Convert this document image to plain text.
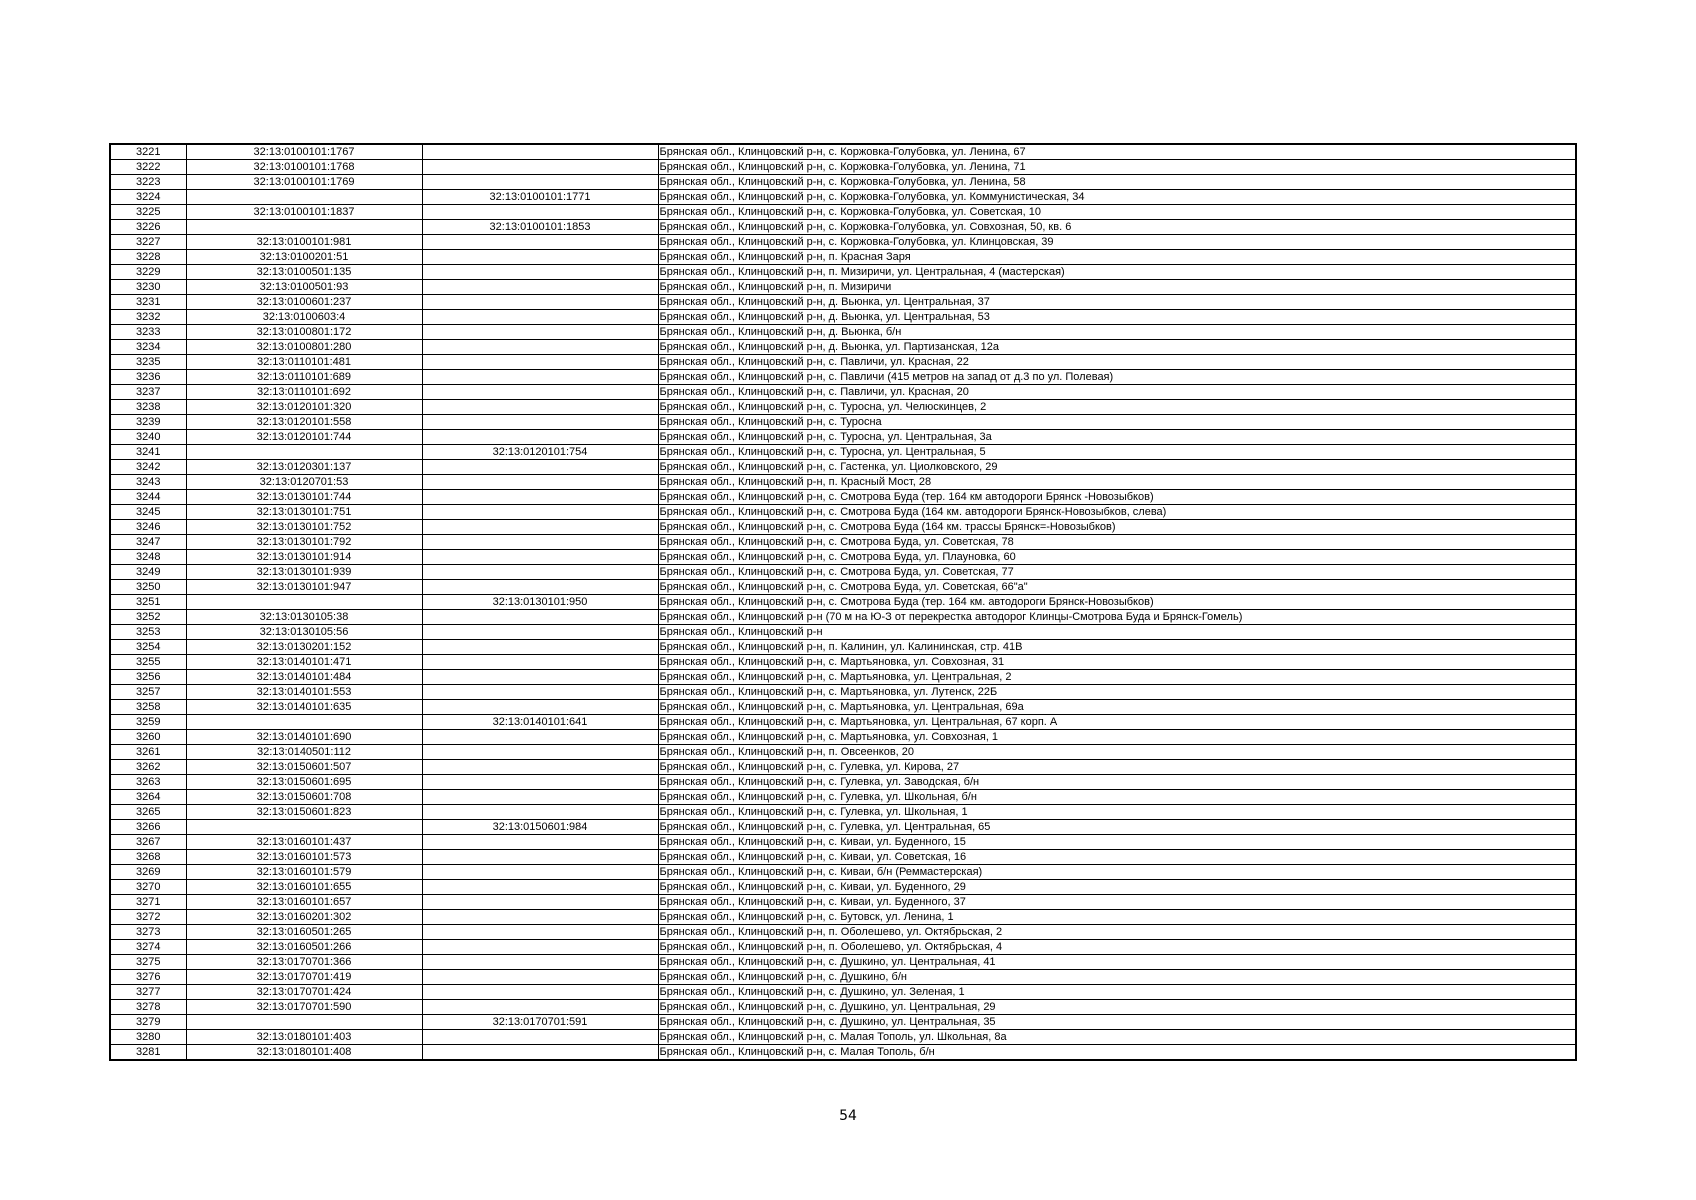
3221	32:13:0100101:1767		Брянская обл., Клинцовский р-н, с. Коржовка-Голубовка, ул. Ленина, 67
3222	32:13:0100101:1768		Брянская обл., Клинцовский р-н, с. Коржовка-Голубовка, ул. Ленина, 71
3223	32:13:0100101:1769		Брянская обл., Клинцовский р-н, с. Коржовка-Голубовка, ул. Ленина, 58
3224		32:13:0100101:1771	Брянская обл., Клинцовский р-н, с. Коржовка-Голубовка, ул. Коммунистическая, 34
3225	32:13:0100101:1837		Брянская обл., Клинцовский р-н, с. Коржовка-Голубовка, ул. Советская, 10
3226		32:13:0100101:1853	Брянская обл., Клинцовский р-н, с. Коржовка-Голубовка, ул. Совхозная, 50, кв. 6
3227	32:13:0100101:981		Брянская обл., Клинцовский р-н, с. Коржовка-Голубовка, ул. Клинцовская, 39
3228	32:13:0100201:51		Брянская обл., Клинцовский р-н, п. Красная Заря
3229	32:13:0100501:135		Брянская обл., Клинцовский р-н, п. Мизиричи, ул. Центральная, 4 (мастерская)
3230	32:13:0100501:93		Брянская обл., Клинцовский р-н, п. Мизиричи
3231	32:13:0100601:237		Брянская обл., Клинцовский р-н, д. Вьюнка, ул. Центральная, 37
3232	32:13:0100603:4		Брянская обл., Клинцовский р-н, д. Вьюнка, ул. Центральная, 53
3233	32:13:0100801:172		Брянская обл., Клинцовский р-н, д. Вьюнка, б/н
3234	32:13:0100801:280		Брянская обл., Клинцовский р-н, д. Вьюнка, ул. Партизанская, 12а
3235	32:13:0110101:481		Брянская обл., Клинцовский р-н, с. Павличи, ул. Красная, 22
3236	32:13:0110101:689		Брянская обл., Клинцовский р-н, с. Павличи (415 метров на запад от д.3 по ул. Полевая)
3237	32:13:0110101:692		Брянская обл., Клинцовский р-н, с. Павличи, ул. Красная, 20
3238	32:13:0120101:320		Брянская обл., Клинцовский р-н, с. Туросна, ул. Челюскинцев, 2
3239	32:13:0120101:558		Брянская обл., Клинцовский р-н, с. Туросна
3240	32:13:0120101:744		Брянская обл., Клинцовский р-н, с. Туросна, ул. Центральная, 3а
3241		32:13:0120101:754	Брянская обл., Клинцовский р-н, с. Туросна, ул. Центральная, 5
3242	32:13:0120301:137		Брянская обл., Клинцовский р-н, с. Гастенка, ул. Циолковского, 29
3243	32:13:0120701:53		Брянская обл., Клинцовский р-н, п. Красный Мост, 28
3244	32:13:0130101:744		Брянская обл., Клинцовский р-н, с. Смотрова Буда (тер. 164 км автодороги Брянск -Новозыбков)
3245	32:13:0130101:751		Брянская обл., Клинцовский р-н, с. Смотрова Буда (164 км. автодороги Брянск-Новозыбков, слева)
3246	32:13:0130101:752		Брянская обл., Клинцовский р-н, с. Смотрова Буда (164 км. трассы Брянск=-Новозыбков)
3247	32:13:0130101:792		Брянская обл., Клинцовский р-н, с. Смотрова Буда, ул. Советская, 78
3248	32:13:0130101:914		Брянская обл., Клинцовский р-н, с. Смотрова Буда, ул. Плауновка, 60
3249	32:13:0130101:939		Брянская обл., Клинцовский р-н, с. Смотрова Буда, ул. Советская, 77
3250	32:13:0130101:947		Брянская обл., Клинцовский р-н, с. Смотрова Буда, ул. Советская, 66"а"
3251		32:13:0130101:950	Брянская обл., Клинцовский р-н, с. Смотрова Буда (тер. 164 км. автодороги Брянск-Новозыбков)
3252	32:13:0130105:38		Брянская обл., Клинцовский р-н (70 м на Ю-З от перекрестка автодорог Клинцы-Смотрова Буда и Брянск-Гомель)
3253	32:13:0130105:56		Брянская обл., Клинцовский р-н
3254	32:13:0130201:152		Брянская обл., Клинцовский р-н, п. Калинин, ул. Калининская, стр. 41В
3255	32:13:0140101:471		Брянская обл., Клинцовский р-н, с. Мартьяновка, ул. Совхозная, 31
3256	32:13:0140101:484		Брянская обл., Клинцовский р-н, с. Мартьяновка, ул. Центральная, 2
3257	32:13:0140101:553		Брянская обл., Клинцовский р-н, с. Мартьяновка, ул. Лутенск, 22Б
3258	32:13:0140101:635		Брянская обл., Клинцовский р-н, с. Мартьяновка, ул. Центральная, 69а
3259		32:13:0140101:641	Брянская обл., Клинцовский р-н, с. Мартьяновка, ул. Центральная, 67 корп. А
3260	32:13:0140101:690		Брянская обл., Клинцовский р-н, с. Мартьяновка, ул. Совхозная, 1
3261	32:13:0140501:112		Брянская обл., Клинцовский р-н, п. Овсеенков, 20
3262	32:13:0150601:507		Брянская обл., Клинцовский р-н, с. Гулевка, ул. Кирова, 27
3263	32:13:0150601:695		Брянская обл., Клинцовский р-н, с. Гулевка, ул. Заводская, б/н
3264	32:13:0150601:708		Брянская обл., Клинцовский р-н, с. Гулевка, ул. Школьная, б/н
3265	32:13:0150601:823		Брянская обл., Клинцовский р-н, с. Гулевка, ул. Школьная, 1
3266		32:13:0150601:984	Брянская обл., Клинцовский р-н, с. Гулевка, ул. Центральная, 65
3267	32:13:0160101:437		Брянская обл., Клинцовский р-н, с. Киваи, ул. Буденного, 15
3268	32:13:0160101:573		Брянская обл., Клинцовский р-н, с. Киваи, ул. Советская, 16
3269	32:13:0160101:579		Брянская обл., Клинцовский р-н, с. Киваи, б/н (Реммастерская)
3270	32:13:0160101:655		Брянская обл., Клинцовский р-н, с. Киваи, ул. Буденного, 29
3271	32:13:0160101:657		Брянская обл., Клинцовский р-н, с. Киваи, ул. Буденного, 37
3272	32:13:0160201:302		Брянская обл., Клинцовский р-н, с. Бутовск, ул. Ленина, 1
3273	32:13:0160501:265		Брянская обл., Клинцовский р-н, п. Оболешево, ул. Октябрьская, 2
3274	32:13:0160501:266		Брянская обл., Клинцовский р-н, п. Оболешево, ул. Октябрьская, 4
3275	32:13:0170701:366		Брянская обл., Клинцовский р-н, с. Душкино, ул. Центральная, 41
3276	32:13:0170701:419		Брянская обл., Клинцовский р-н, с. Душкино, б/н
3277	32:13:0170701:424		Брянская обл., Клинцовский р-н, с. Душкино, ул. Зеленая, 1
3278	32:13:0170701:590		Брянская обл., Клинцовский р-н, с. Душкино, ул. Центральная, 29
3279		32:13:0170701:591	Брянская обл., Клинцовский р-н, с. Душкино, ул. Центральная, 35
3280	32:13:0180101:403		Брянская обл., Клинцовский р-н, с. Малая Тополь, ул. Школьная, 8а
3281	32:13:0180101:408		Брянская обл., Клинцовский р-н, с. Малая Тополь, б/н
54
